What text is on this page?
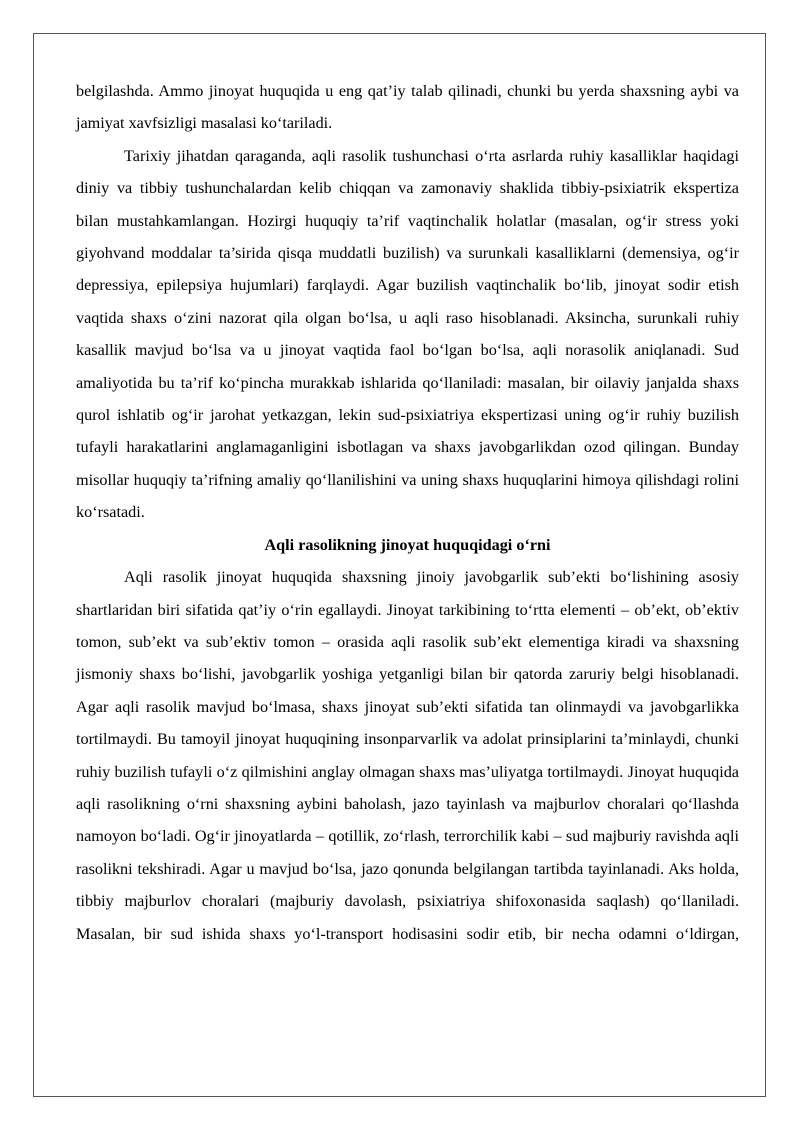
belgilashda. Ammo jinoyat huquqida u eng qat’iy talab qilinadi, chunki bu yerda shaxsning aybi va jamiyat xavfsizligi masalasi ko‘tariladi.

Tarixiy jihatdan qaraganda, aqli rasolik tushunchasi o‘rta asrlarda ruhiy kasalliklar haqidagi diniy va tibbiy tushunchalardan kelib chiqqan va zamonaviy shaklida tibbiy-psixiatrik ekspertiza bilan mustahkamlangan. Hozirgi huquqiy ta’rif vaqtinchalik holatlar (masalan, og‘ir stress yoki giyohvand moddalar ta’sirida qisqa muddatli buzilish) va surunkali kasalliklarni (demensiya, og‘ir depressiya, epilepsiya hujumlari) farqlaydi. Agar buzilish vaqtinchalik bo‘lib, jinoyat sodir etish vaqtida shaxs o‘zini nazorat qila olgan bo‘lsa, u aqli raso hisoblanadi. Aksincha, surunkali ruhiy kasallik mavjud bo‘lsa va u jinoyat vaqtida faol bo‘lgan bo‘lsa, aqli norasolik aniqlanadi. Sud amaliyotida bu ta’rif ko‘pincha murakkab ishlarida qo‘llaniladi: masalan, bir oilaviy janjalda shaxs qurol ishlatib og‘ir jarohat yetkazgan, lekin sud-psixiatriya ekspertizasi uning og‘ir ruhiy buzilish tufayli harakatlarini anglamaganligini isbotlagan va shaxs javobgarlikdan ozod qilingan. Bunday misollar huquqiy ta’rifning amaliy qo‘llanilishini va uning shaxs huquqlarini himoya qilishdagi rolini ko‘rsatadi.

Aqli rasolikning jinoyat huquqidagi o‘rni

Aqli rasolik jinoyat huquqida shaxsning jinoiy javobgarlik sub’ekti bo‘lishining asosiy shartlaridan biri sifatida qat’iy o‘rin egallaydi. Jinoyat tarkibining to‘rtta elementi – ob’ekt, ob’ektiv tomon, sub’ekt va sub’ektiv tomon – orasida aqli rasolik sub’ekt elementiga kiradi va shaxsning jismoniy shaxs bo‘lishi, javobgarlik yoshiga yetganligi bilan bir qatorda zaruriy belgi hisoblanadi. Agar aqli rasolik mavjud bo‘lmasa, shaxs jinoyat sub’ekti sifatida tan olinmaydi va javobgarlikka tortilmaydi. Bu tamoyil jinoyat huquqining insonparvarlik va adolat prinsiplarini ta’minlaydi, chunki ruhiy buzilish tufayli o‘z qilmishini anglay olmagan shaxs mas’uliyatga tortilmaydi. Jinoyat huquqida aqli rasolikning o‘rni shaxsning aybini baholash, jazo tayinlash va majburlov choralari qo‘llashda namoyon bo‘ladi. Og‘ir jinoyatlarda – qotillik, zo‘rlash, terrorchilik kabi – sud majburiy ravishda aqli rasolikni tekshiradi. Agar u mavjud bo‘lsa, jazo qonunda belgilangan tartibda tayinlanadi. Aks holda, tibbiy majburlov choralari (majburiy davolash, psixiatriya shifoxonasida saqlash) qo‘llaniladi. Masalan, bir sud ishida shaxs yo‘l-transport hodisasini sodir etib, bir necha odamni o‘ldirgan,
